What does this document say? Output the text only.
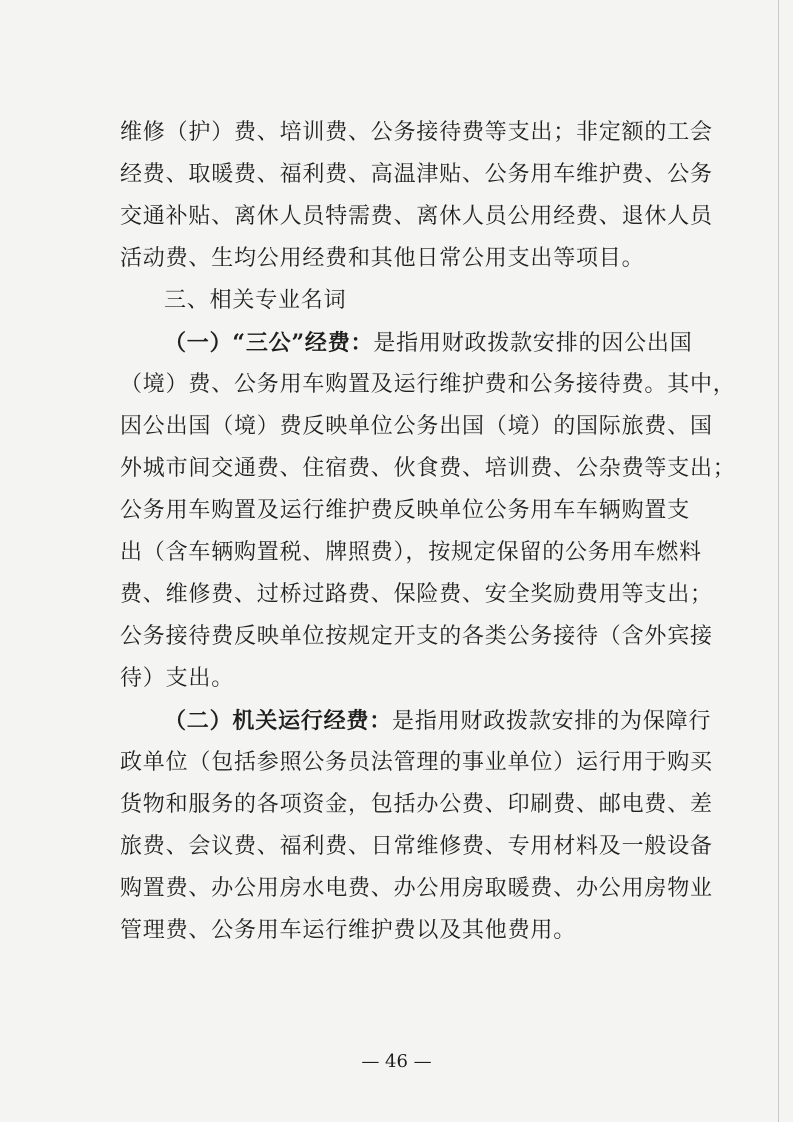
维修（护）费、培训费、公务接待费等支出；非定额的工会
经费、取暖费、福利费、高温津贴、公务用车维护费、公务
交通补贴、离休人员特需费、离休人员公用经费、退休人员
活动费、生均公用经费和其他日常公用支出等项目。
三、相关专业名词
（一）“三公”经费：是指用财政拨款安排的因公出国
（境）费、公务用车购置及运行维护费和公务接待费。其中，
因公出国（境）费反映单位公务出国（境）的国际旅费、国
外城市间交通费、住宿费、伙食费、培训费、公杂费等支出；
公务用车购置及运行维护费反映单位公务用车车辆购置支
出（含车辆购置税、牌照费），按规定保留的公务用车燃料
费、维修费、过桥过路费、保险费、安全奖励费用等支出；
公务接待费反映单位按规定开支的各类公务接待（含外宾接
待）支出。
（二）机关运行经费：是指用财政拨款安排的为保障行
政单位（包括参照公务员法管理的事业单位）运行用于购买
货物和服务的各项资金，包括办公费、印刷费、邮电费、差
旅费、会议费、福利费、日常维修费、专用材料及一般设备
购置费、办公用房水电费、办公用房取暖费、办公用房物业
管理费、公务用车运行维护费以及其他费用。
— 46 —
